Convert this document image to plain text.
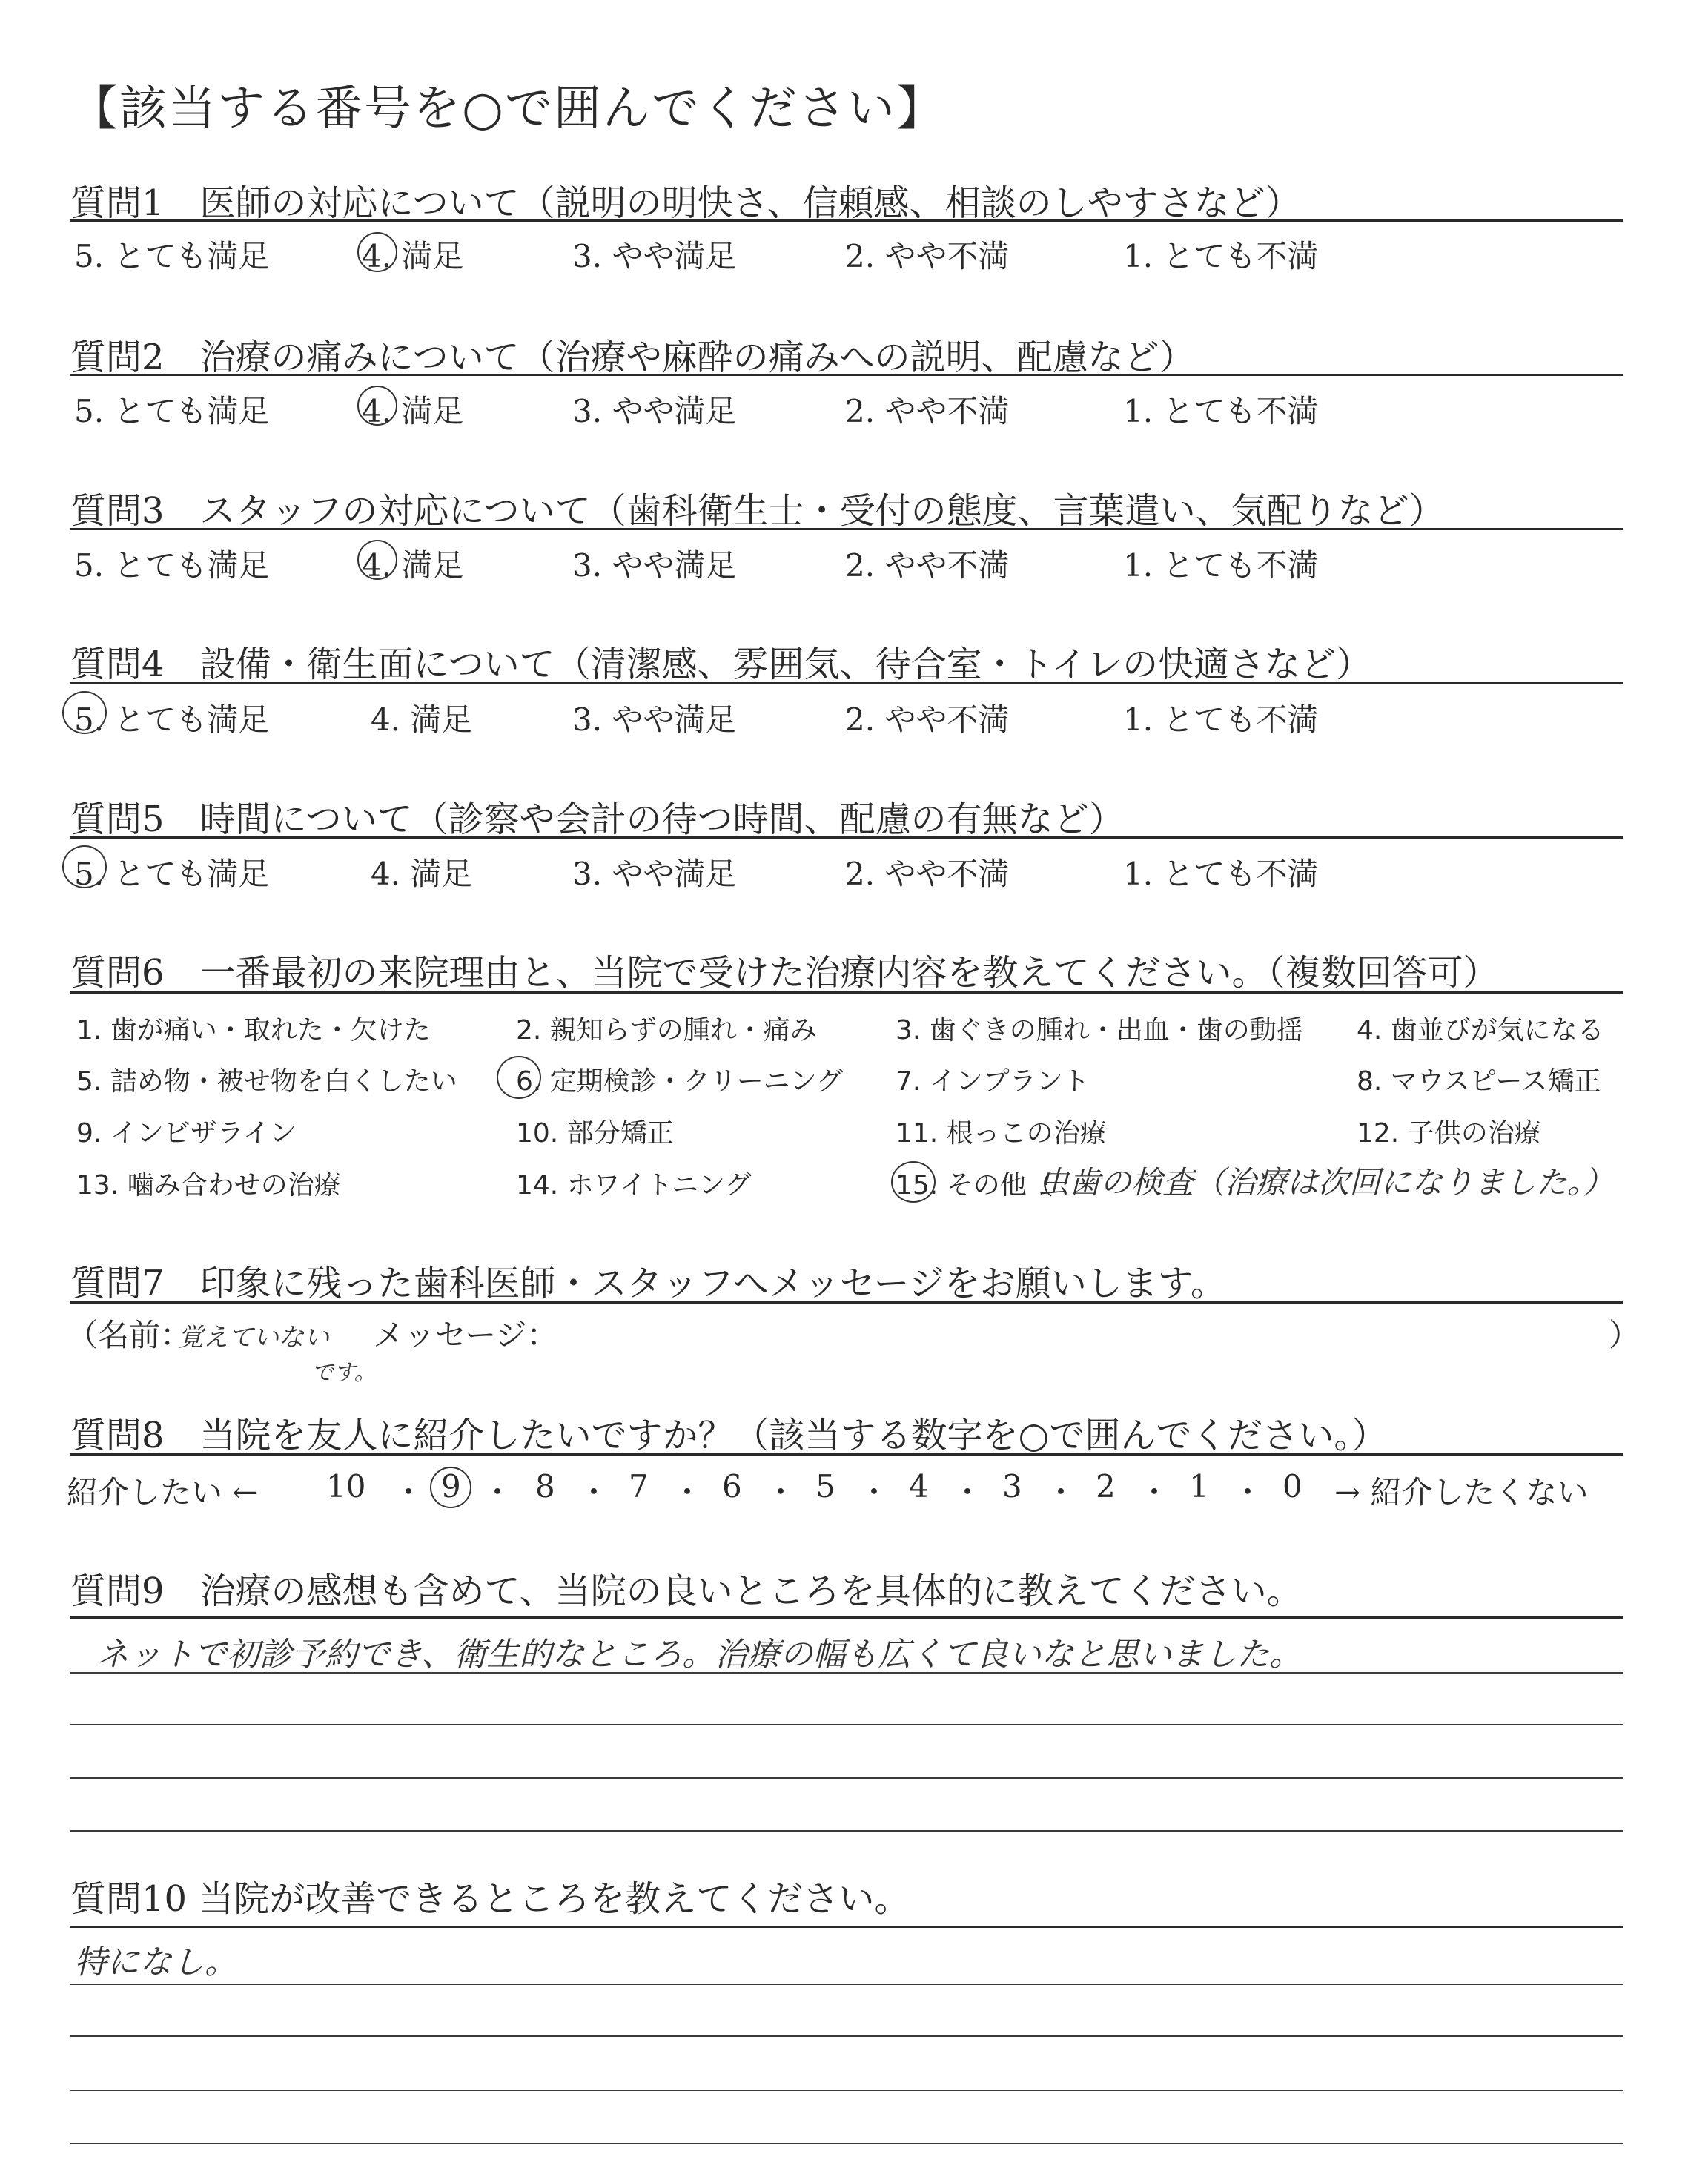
【該当する番号を○で囲んでください】
質問1　医師の対応について（説明の明快さ、信頼感、相談のしやすさなど）
5. とても満足	4. 満足	3. やや満足	2. やや不満	1. とても不満
質問2　治療の痛みについて（治療や麻酔の痛みへの説明、配慮など）
5. とても満足	4. 満足	3. やや満足	2. やや不満	1. とても不満
質問3　スタッフの対応について（歯科衛生士・受付の態度、言葉遣い、気配りなど）
5. とても満足	4. 満足	3. やや満足	2. やや不満	1. とても不満
質問4　設備・衛生面について（清潔感、雰囲気、待合室・トイレの快適さなど）
5. とても満足	4. 満足	3. やや満足	2. やや不満	1. とても不満
質問5　時間について（診察や会計の待つ時間、配慮の有無など）
5. とても満足	4. 満足	3. やや満足	2. やや不満	1. とても不満
質問6　一番最初の来院理由と、当院で受けた治療内容を教えてください。（複数回答可）
1. 歯が痛い・取れた・欠けた	2. 親知らずの腫れ・痛み	3. 歯ぐきの腫れ・出血・歯の動揺 4. 歯並びが気になる
5. 詰め物・被せ物を白くしたい 6. 定期検診・クリーニング 7. インプラント	8. マウスピース矯正
9. インビザライン	10. 部分矯正	11. 根っこの治療	12. 子供の治療
13. 噛み合わせの治療	14. ホワイトニング	15. その他（
虫歯の検査（治療は次回になりました。）
質問7　印象に残った歯科医師・スタッフへメッセージをお願いします。
（名前：
覚えていない
です。
メッセージ：	）
質問8　当院を友人に紹介したいですか？（該当する数字を○で囲んでください。）
紹介したい ← 10 ・ 9 ・ 8 ・ 7 ・ 6 ・ 5 ・ 4 ・ 3 ・ 2 ・ 1 ・ 0 → 紹介したくない
質問9　治療の感想も含めて、当院の良いところを具体的に教えてください。
ネットで初診予約でき、衛生的なところ。治療の幅も広くて良いなと思いました。
質問10 当院が改善できるところを教えてください。
特になし。
